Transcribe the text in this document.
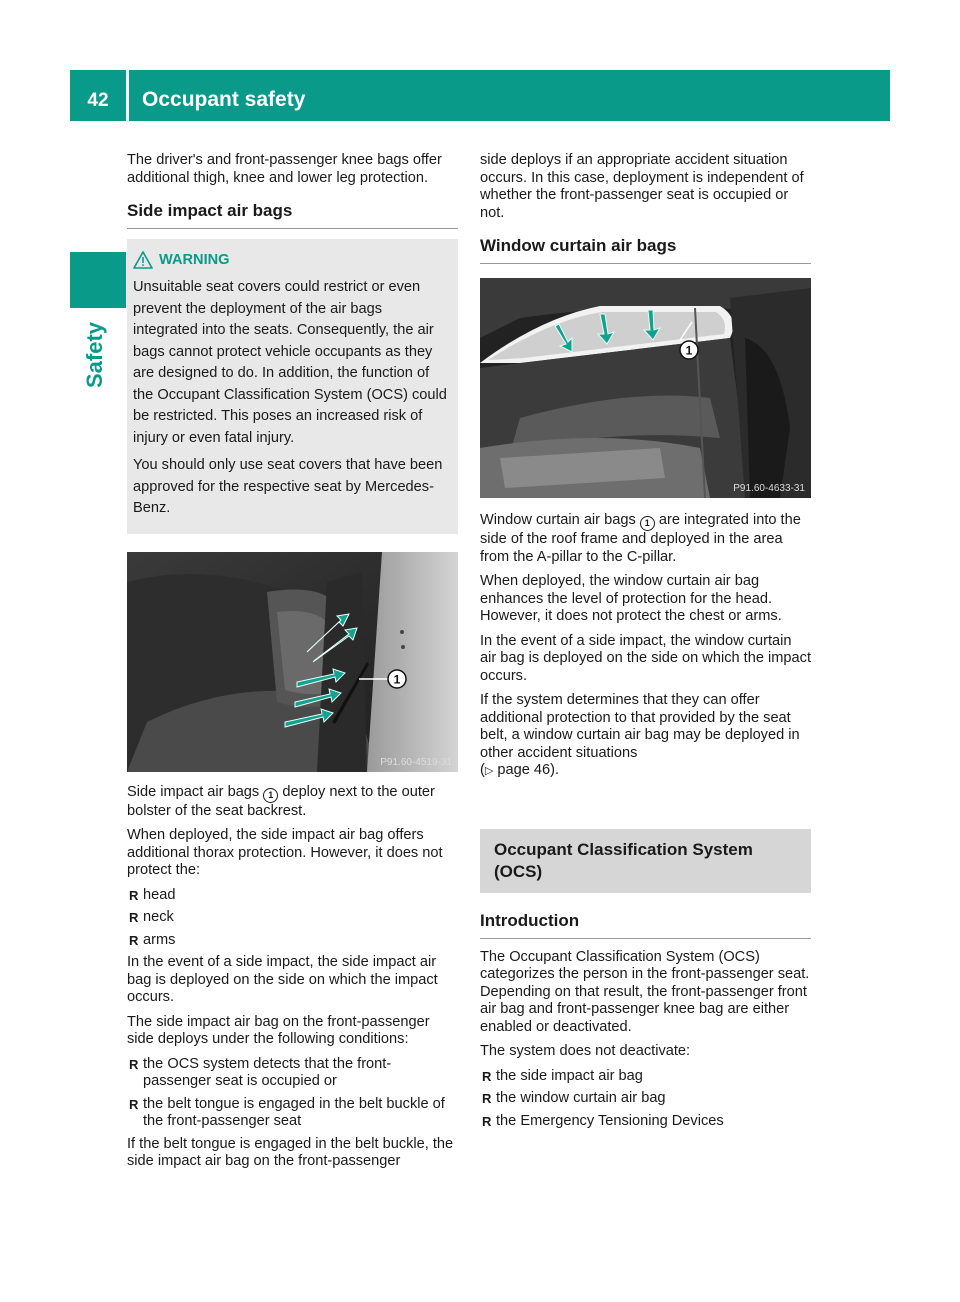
42	Occupant safety
Safety

The driver's and front-passenger knee bags offer additional thigh, knee and lower leg protection.

Side impact air bags
WARNING

Unsuitable seat covers could restrict or even prevent the deployment of the air bags integrated into the seats. Consequently, the air bags cannot protect vehicle occupants as they are designed to do. In addition, the function of the Occupant Classification System (OCS) could be restricted. This poses an increased risk of injury or even fatal injury.

You should only use seat covers that have been approved for the respective seat by Mercedes-Benz.

1
P91.60-4519-31

Side impact air bags 1 deploy next to the outer bolster of the seat backrest.

When deployed, the side impact air bag offers additional thorax protection. However, it does not protect the:

R head
R neck
R arms

In the event of a side impact, the side impact air bag is deployed on the side on which the impact occurs.

The side impact air bag on the front-passenger side deploys under the following conditions:

R the OCS system detects that the front-passenger seat is occupied or
R the belt tongue is engaged in the belt buckle of the front-passenger seat

If the belt tongue is engaged in the belt buckle, the side impact air bag on the front-passenger

side deploys if an appropriate accident situation occurs. In this case, deployment is independent of whether the front-passenger seat is occupied or not.

Window curtain air bags
1
P91.60-4633-31

Window curtain air bags 1 are integrated into the side of the roof frame and deployed in the area from the A-pillar to the C-pillar.

When deployed, the window curtain air bag enhances the level of protection for the head. However, it does not protect the chest or arms.

In the event of a side impact, the window curtain air bag is deployed on the side on which the impact occurs.

If the system determines that they can offer additional protection to that provided by the seat belt, a window curtain air bag may be deployed in other accident situations
(▷ page 46).

Occupant Classification System (OCS)
Introduction

The Occupant Classification System (OCS) categorizes the person in the front-passenger seat. Depending on that result, the front-passenger front air bag and front-passenger knee bag are either enabled or deactivated.

The system does not deactivate:

R the side impact air bag
R the window curtain air bag
R the Emergency Tensioning Devices
